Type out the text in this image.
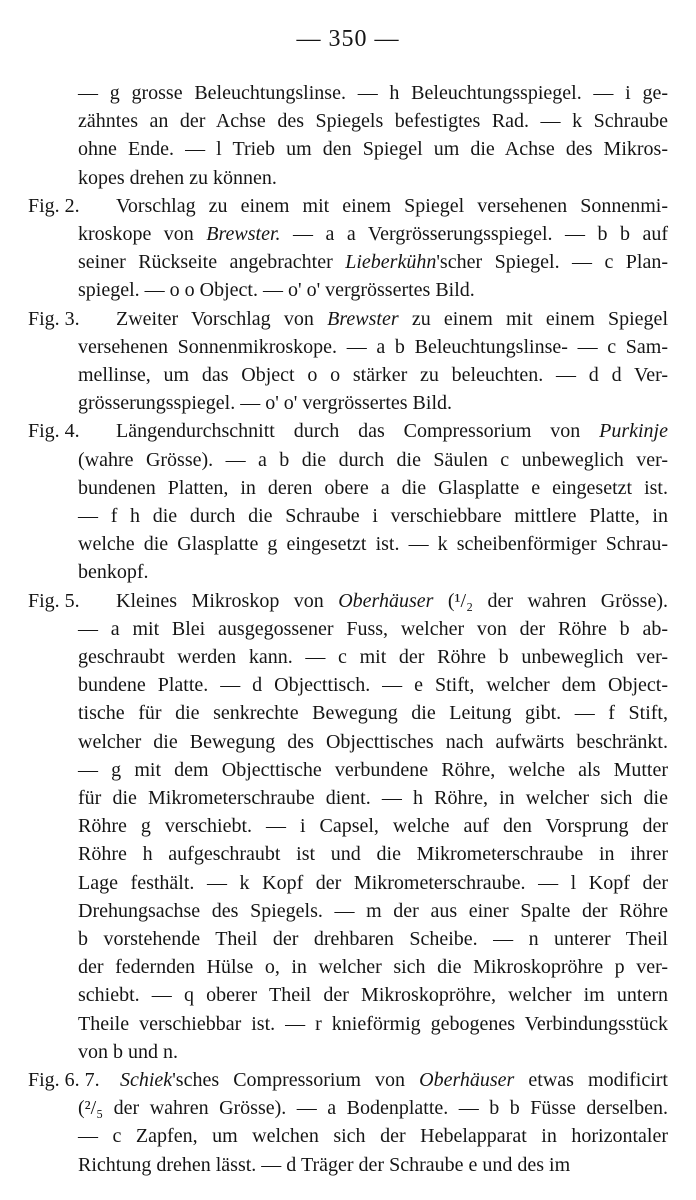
— 350 —
— g grosse Beleuchtungslinse. — h Beleuchtungsspiegel. — i ge-
zähntes an der Achse des Spiegels befestigtes Rad. — k Schraube
ohne Ende. — l Trieb um den Spiegel um die Achse des Mikros-
kopes drehen zu können.
Fig. 2. Vorschlag zu einem mit einem Spiegel versehenen Sonnenmi-
kroskope von Brewster. — a a Vergrösserungsspiegel. — b b auf
seiner Rückseite angebrachter Lieberkühn'scher Spiegel. — c Plan-
spiegel. — o o Object. — o' o' vergrössertes Bild.
Fig. 3. Zweiter Vorschlag von Brewster zu einem mit einem Spiegel
versehenen Sonnenmikroskope. — a b Beleuchtungslinse- — c Sam-
mellinse, um das Object o o stärker zu beleuchten. — d d Ver-
grösserungsspiegel. — o' o' vergrössertes Bild.
Fig. 4. Längendurchschnitt durch das Compressorium von Purkinje
(wahre Grösse). — a b die durch die Säulen c unbeweglich ver-
bundenen Platten, in deren obere a die Glasplatte e eingesetzt ist.
— f h die durch die Schraube i verschiebbare mittlere Platte, in
welche die Glasplatte g eingesetzt ist. — k scheibenförmiger Schrau-
benkopf.
Fig. 5. Kleines Mikroskop von Oberhäuser (¹/₂ der wahren Grösse).
— a mit Blei ausgegossener Fuss, welcher von der Röhre b ab-
geschraubt werden kann. — c mit der Röhre b unbeweglich ver-
bundene Platte. — d Objecttisch. — e Stift, welcher dem Object-
tische für die senkrechte Bewegung die Leitung gibt. — f Stift,
welcher die Bewegung des Objecttisches nach aufwärts beschränkt.
— g mit dem Objecttische verbundene Röhre, welche als Mutter
für die Mikrometerschraube dient. — h Röhre, in welcher sich die
Röhre g verschiebt. — i Capsel, welche auf den Vorsprung der
Röhre h aufgeschraubt ist und die Mikrometerschraube in ihrer
Lage festhält. — k Kopf der Mikrometerschraube. — l Kopf der
Drehungsachse des Spiegels. — m der aus einer Spalte der Röhre
b vorstehende Theil der drehbaren Scheibe. — n unterer Theil
der federnden Hülse o, in welcher sich die Mikroskopröhre p ver-
schiebt. — q oberer Theil der Mikroskopröhre, welcher im untern
Theile verschiebbar ist. — r knieförmig gebogenes Verbindungsstück
von b und n.
Fig. 6. 7. Schiek'sches Compressorium von Oberhäuser etwas modificirt
(²/₅ der wahren Grösse). — a Bodenplatte. — b b Füsse derselben.
— c Zapfen, um welchen sich der Hebelapparat in horizontaler
Richtung drehen lässt. — d Träger der Schraube e und des im
